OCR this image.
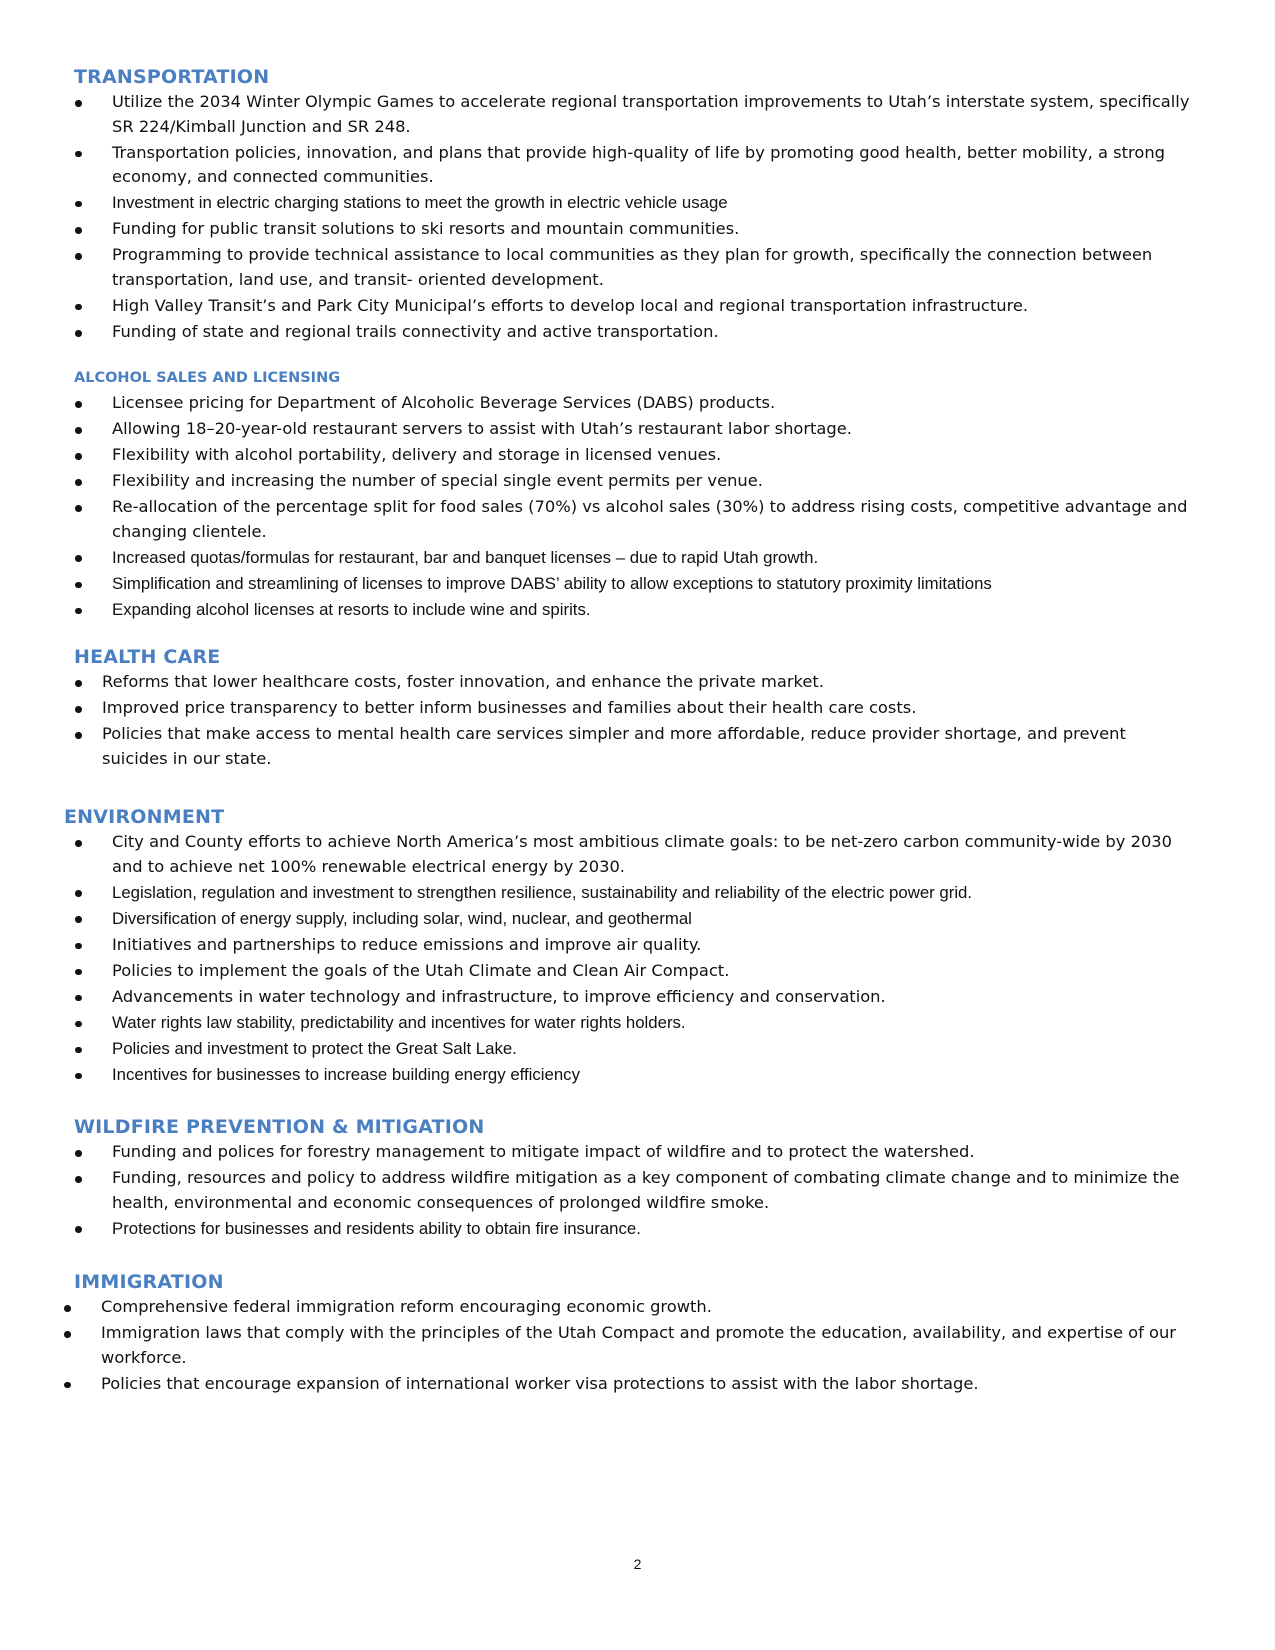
TRANSPORTATION
Utilize the 2034 Winter Olympic Games to accelerate regional transportation improvements to Utah’s interstate system, specifically SR 224/Kimball Junction and SR 248.
Transportation policies, innovation, and plans that provide high-quality of life by promoting good health, better mobility, a strong economy, and connected communities.
Investment in electric charging stations to meet the growth in electric vehicle usage
Funding for public transit solutions to ski resorts and mountain communities.
Programming to provide technical assistance to local communities as they plan for growth, specifically the connection between transportation, land use, and transit- oriented development.
High Valley Transit’s and Park City Municipal’s efforts to develop local and regional transportation infrastructure.
Funding of state and regional trails connectivity and active transportation.
ALCOHOL SALES AND LICENSING
Licensee pricing for Department of Alcoholic Beverage Services (DABS) products.
Allowing 18–20-year-old restaurant servers to assist with Utah’s restaurant labor shortage.
Flexibility with alcohol portability, delivery and storage in licensed venues.
Flexibility and increasing the number of special single event permits per venue.
Re-allocation of the percentage split for food sales (70%) vs alcohol sales (30%) to address rising costs, competitive advantage and changing clientele.
Increased quotas/formulas for restaurant, bar and banquet licenses – due to rapid Utah growth.
Simplification and streamlining of licenses to improve DABS’ ability to allow exceptions to statutory proximity limitations
Expanding alcohol licenses at resorts to include wine and spirits.
HEALTH CARE
Reforms that lower healthcare costs, foster innovation, and enhance the private market.
Improved price transparency to better inform businesses and families about their health care costs.
Policies that make access to mental health care services simpler and more affordable, reduce provider shortage, and prevent suicides in our state.
ENVIRONMENT
City and County efforts to achieve North America’s most ambitious climate goals: to be net-zero carbon community-wide by 2030 and to achieve net 100% renewable electrical energy by 2030.
Legislation, regulation and investment to strengthen resilience, sustainability and reliability of the electric power grid.
Diversification of energy supply, including solar, wind, nuclear, and geothermal
Initiatives and partnerships to reduce emissions and improve air quality.
Policies to implement the goals of the Utah Climate and Clean Air Compact.
Advancements in water technology and infrastructure, to improve efficiency and conservation.
Water rights law stability, predictability and incentives for water rights holders.
Policies and investment to protect the Great Salt Lake.
Incentives for businesses to increase building energy efficiency
WILDFIRE PREVENTION & MITIGATION
Funding and polices for forestry management to mitigate impact of wildfire and to protect the watershed.
Funding, resources and policy to address wildfire mitigation as a key component of combating climate change and to minimize the health, environmental and economic consequences of prolonged wildfire smoke.
Protections for businesses and residents ability to obtain fire insurance.
IMMIGRATION
Comprehensive federal immigration reform encouraging economic growth.
Immigration laws that comply with the principles of the Utah Compact and promote the education, availability, and expertise of our workforce.
Policies that encourage expansion of international worker visa protections to assist with the labor shortage.
2
